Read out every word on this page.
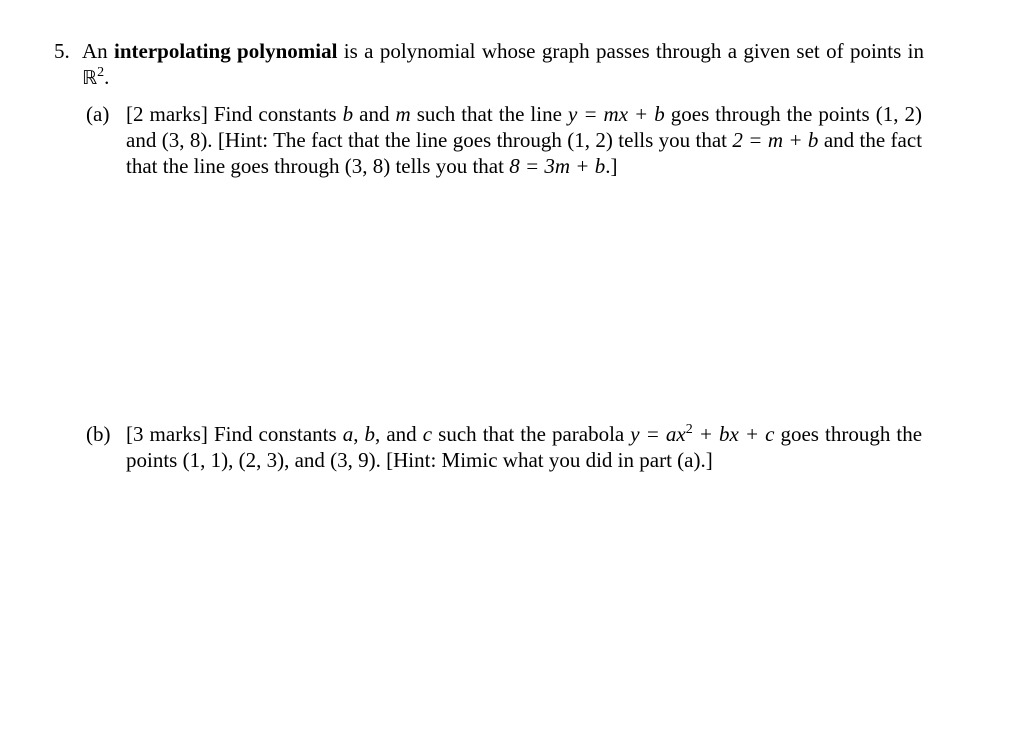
5. An interpolating polynomial is a polynomial whose graph passes through a given set of points in ℝ$^2$.
(a) [2 marks] Find constants b and m such that the line y = mx + b goes through the points (1, 2) and (3, 8). [Hint: The fact that the line goes through (1, 2) tells you that 2 = m + b and the fact that the line goes through (3, 8) tells you that 8 = 3m + b.]
(b) [3 marks] Find constants a, b, and c such that the parabola $y = ax^2$ + bx + c goes through the points (1, 1), (2, 3), and (3, 9). [Hint: Mimic what you did in part (a).]
